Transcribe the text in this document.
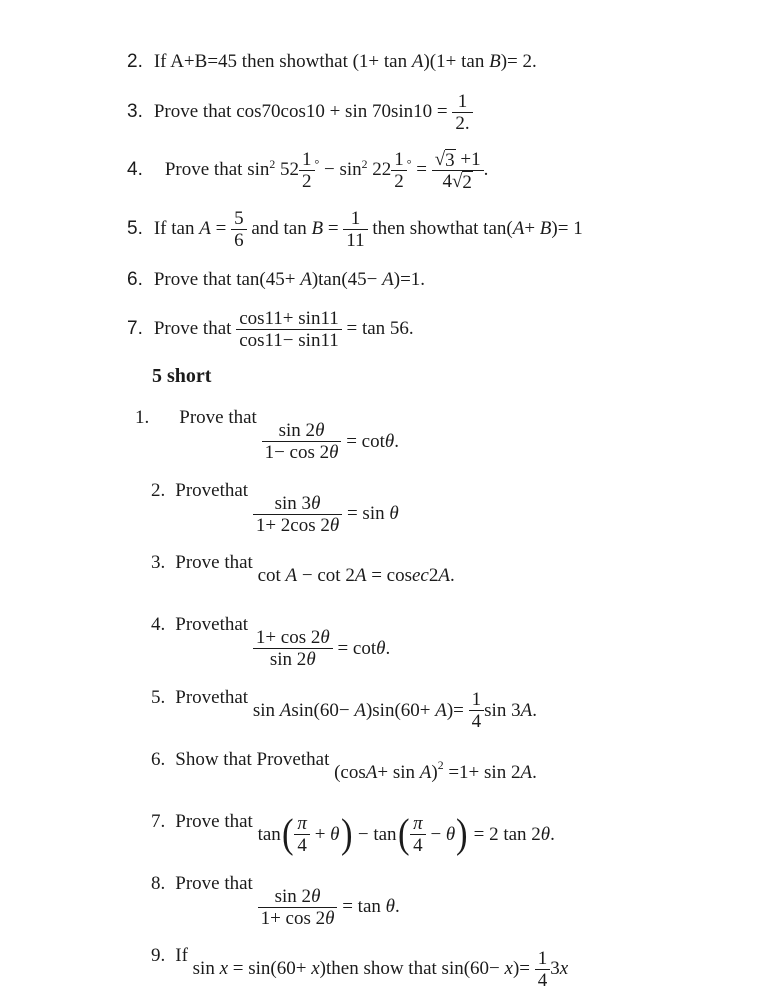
2. If A+B=45 then showthat (1+ tan A)(1+ tan B)= 2.
3. Prove that $\cos 70\cos 10 + \sin 70\sin 10 = \frac{1}{2.}$
4. Prove that $\sin^2 52 \frac{1}{2} ^\circ - \sin^2 22 \frac{1}{2} ^\circ = \frac{√ 3 +1}{4 √ 2}$ .
5. If $\tan A = \frac{5}{6}$ and $\tan B = \frac{1}{11}$ then showthat tan(A+ B)= 1
6. Prove that tan(45+ A)tan(45− A)=1.
7. Prove that $\frac{\cos 11+ \sin 11}{\cos 11- \sin 11} = \tan 56$.
5 short
1. Prove that
$\frac{\sin 2\theta}{1- \cos 2\theta} = \cot \theta$ .
2. Provethat
$\frac{\sin 3\theta}{1+ 2\cos 2\theta} = \sin \theta$
3. Prove that
cot A − cot 2 A = cos ec 2 A .
4. Provethat
$\frac{1+ \cos 2\theta}{\sin 2\theta} = \cot \theta$ .
5. Provethat
sin A sin(60− A )sin(60+ A )= $\frac{1}{4}$ sin 3 A .
6. Show that Provethat
(cos A + sin A ) 2 =1+ sin 2 A .
7. Prove that
tan ( $\frac{\pi}{4} + \theta$ ) − tan ( $\frac{\pi}{4} - \theta$ ) = 2 tan 2 θ .
8. Prove that
$\frac{\sin 2\theta}{1+ \cos 2\theta} = \tan \theta$ .
9. If
sin x = sin(60+ x )then show that sin(60− x )= $\frac{1}{4} 3$ x
